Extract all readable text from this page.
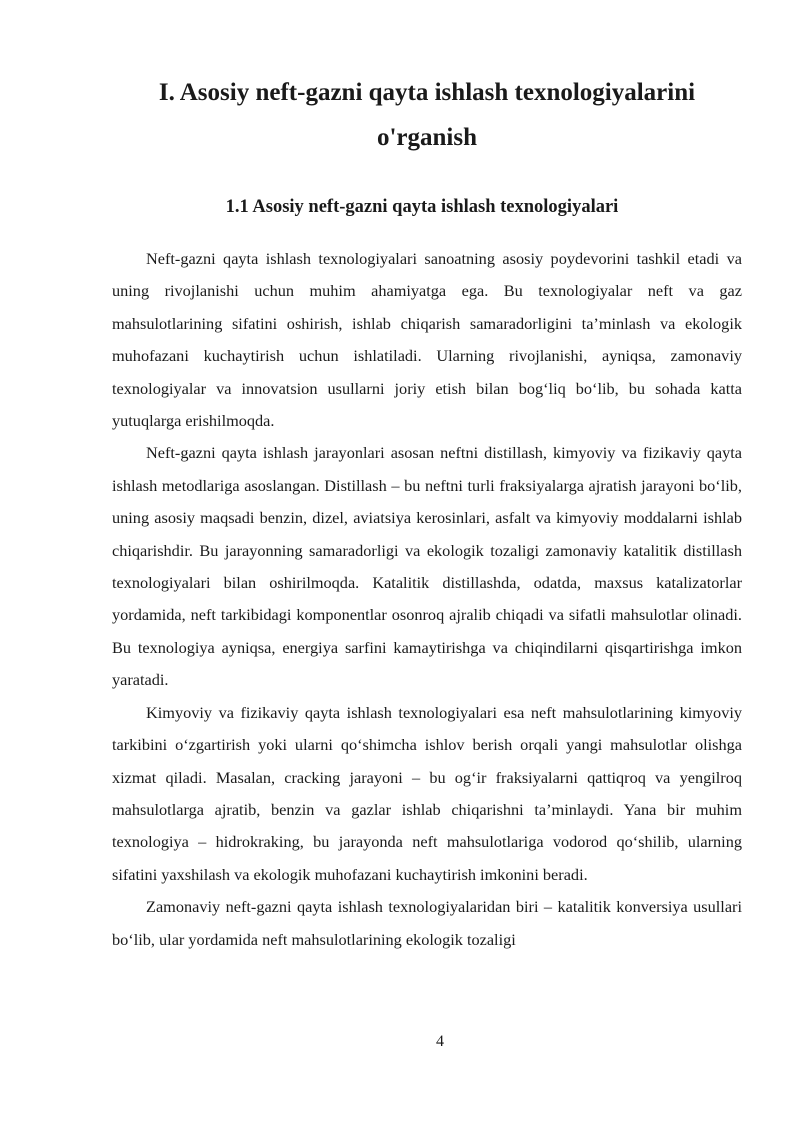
I. Asosiy neft-gazni qayta ishlash texnologiyalarini o'rganish
1.1 Asosiy neft-gazni qayta ishlash texnologiyalari

Neft-gazni qayta ishlash texnologiyalari sanoatning asosiy poydevorini tashkil etadi va uning rivojlanishi uchun muhim ahamiyatga ega. Bu texnologiyalar neft va gaz mahsulotlarining sifatini oshirish, ishlab chiqarish samaradorligini ta’minlash va ekologik muhofazani kuchaytirish uchun ishlatiladi. Ularning rivojlanishi, ayniqsa, zamonaviy texnologiyalar va innovatsion usullarni joriy etish bilan bog‘liq bo‘lib, bu sohada katta yutuqlarga erishilmoqda.

Neft-gazni qayta ishlash jarayonlari asosan neftni distillash, kimyoviy va fizikaviy qayta ishlash metodlariga asoslangan. Distillash – bu neftni turli fraksiyalarga ajratish jarayoni bo‘lib, uning asosiy maqsadi benzin, dizel, aviatsiya kerosinlari, asfalt va kimyoviy moddalarni ishlab chiqarishdir. Bu jarayonning samaradorligi va ekologik tozaligi zamonaviy katalitik distillash texnologiyalari bilan oshirilmoqda. Katalitik distillashda, odatda, maxsus katalizatorlar yordamida, neft tarkibidagi komponentlar osonroq ajralib chiqadi va sifatli mahsulotlar olinadi. Bu texnologiya ayniqsa, energiya sarfini kamaytirishga va chiqindilarni qisqartirishga imkon yaratadi.

Kimyoviy va fizikaviy qayta ishlash texnologiyalari esa neft mahsulotlarining kimyoviy tarkibini o‘zgartirish yoki ularni qo‘shimcha ishlov berish orqali yangi mahsulotlar olishga xizmat qiladi. Masalan, cracking jarayoni – bu og‘ir fraksiyalarni qattiqroq va yengilroq mahsulotlarga ajratib, benzin va gazlar ishlab chiqarishni ta’minlaydi. Yana bir muhim texnologiya – hidrokraking, bu jarayonda neft mahsulotlariga vodorod qo‘shilib, ularning sifatini yaxshilash va ekologik muhofazani kuchaytirish imkonini beradi.

Zamonaviy neft-gazni qayta ishlash texnologiyalaridan biri – katalitik konversiya usullari bo‘lib, ular yordamida neft mahsulotlarining ekologik tozaligi

4
